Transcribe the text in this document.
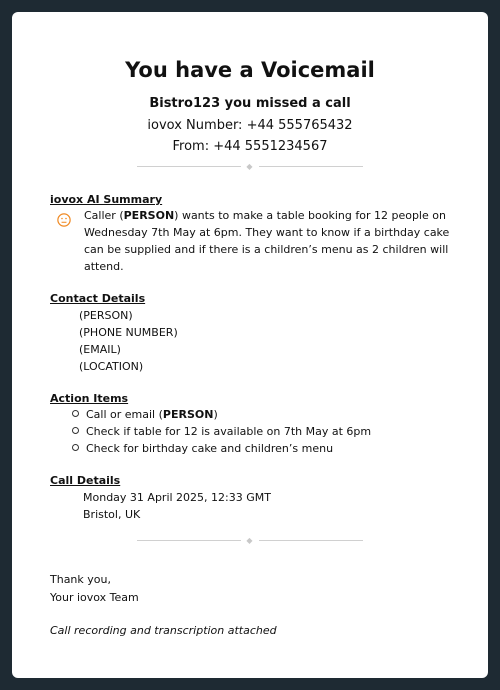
You have a Voicemail
Bistro123 you missed a call
iovox Number: +44 555765432
From: +44 5551234567
◆
iovox AI Summary
Caller (PERSON) wants to make a table booking for 12 people on Wednesday 7th May at 6pm. They want to know if a birthday cake can be supplied and if there is a children’s menu as 2 children will attend.
Contact Details
(PERSON)
(PHONE NUMBER)
(EMAIL)
(LOCATION)
Action Items
Call or email (PERSON)
Check if table for 12 is available on 7th May at 6pm
Check for birthday cake and children’s menu
Call Details
Monday 31 April 2025, 12:33 GMT
Bristol, UK
◆
Thank you,
Your iovox Team
Call recording and transcription attached
